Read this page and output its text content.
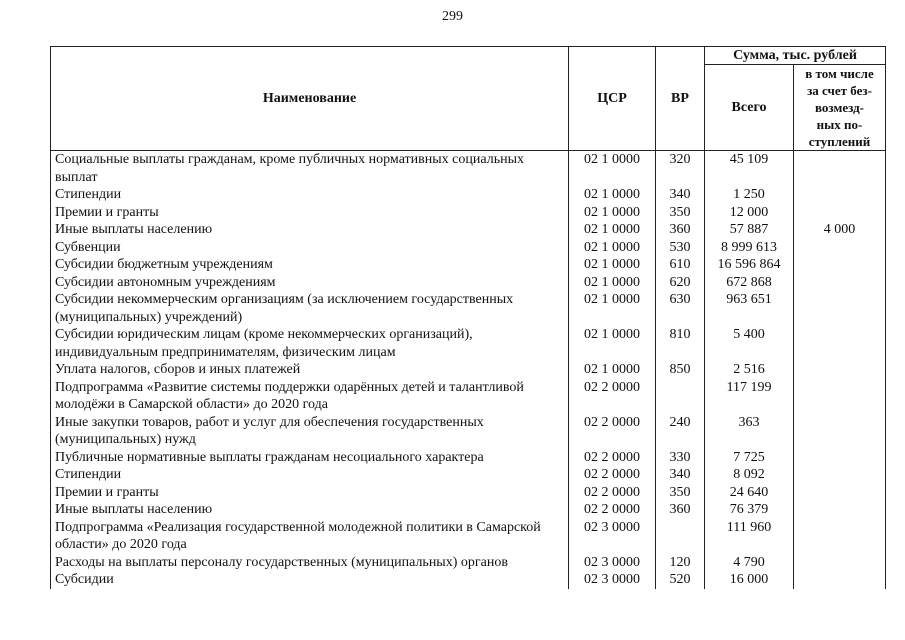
299
Наименование	ЦСР	ВР	Сумма, тыс. рублей	
			Всего	в том числе
за счет без-
возмезд-
ных по-
ступлений

Социальные выплаты гражданам, кроме публичных нормативных социальных выплат	02 1 0000	320	45 109	
Стипендии	02 1 0000	340	1 250	
Премии и гранты	02 1 0000	350	12 000	
Иные выплаты населению	02 1 0000	360	57 887	4 000
Субвенции	02 1 0000	530	8 999 613	
Субсидии бюджетным учреждениям	02 1 0000	610	16 596 864	
Субсидии автономным учреждениям	02 1 0000	620	672 868	
Субсидии некоммерческим организациям (за исключением государственных (муниципальных) учреждений)	02 1 0000	630	963 651	
Субсидии юридическим лицам (кроме некоммерческих организаций), индивидуальным предпринимателям, физическим лицам	02 1 0000	810	5 400	
Уплата налогов, сборов и иных платежей	02 1 0000	850	2 516	
Подпрограмма «Развитие системы поддержки одарённых детей и талантливой молодёжи в Самарской области» до 2020 года	02 2 0000		117 199	
Иные закупки товаров, работ и услуг для обеспечения государственных (муниципальных) нужд	02 2 0000	240	363	
Публичные нормативные выплаты гражданам несоциального характера	02 2 0000	330	7 725	
Стипендии	02 2 0000	340	8 092	
Премии и гранты	02 2 0000	350	24 640	
Иные выплаты населению	02 2 0000	360	76 379	
Подпрограмма «Реализация государственной молодежной политики в Самарской области» до 2020 года	02 3 0000		111 960	
Расходы на выплаты персоналу государственных (муниципальных) органов	02 3 0000	120	4 790	
Субсидии	02 3 0000	520	16 000	
